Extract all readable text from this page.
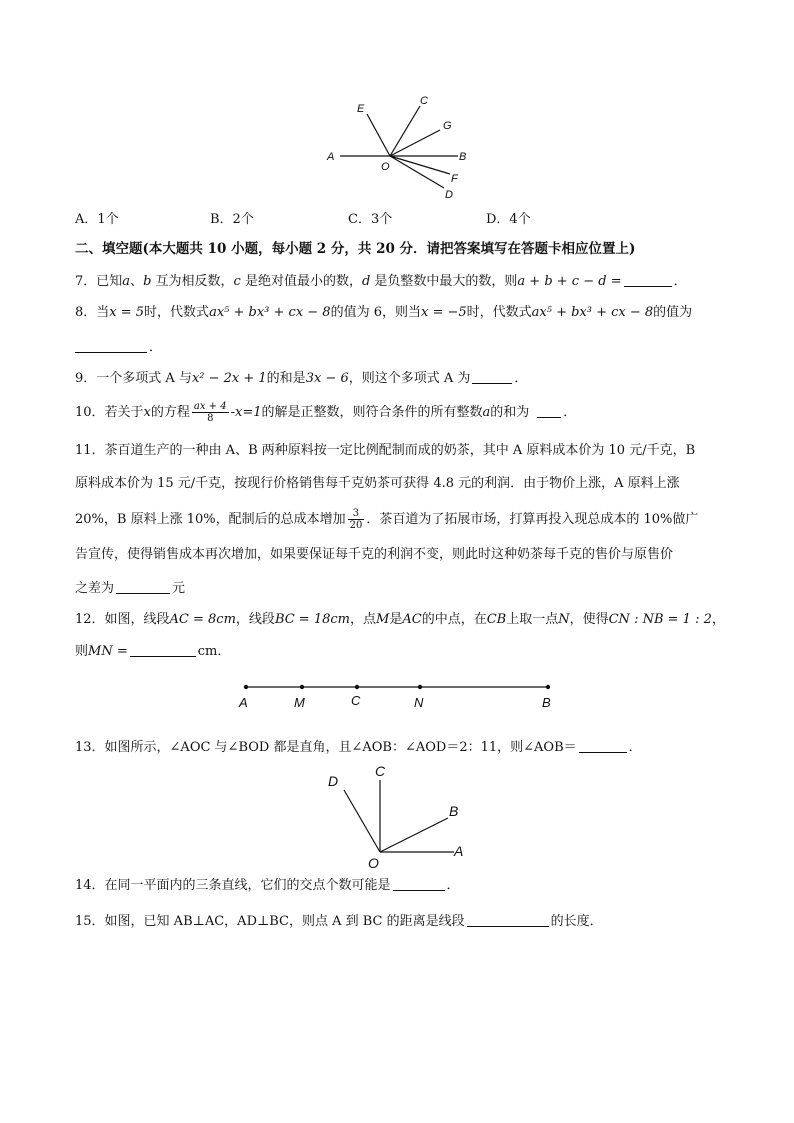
A
O
B
E
C
G
F
D
A．1个	B．2个	C．3个	D．4个
二、填空题(本大题共 10 小题，每小题 2 分，共 20 分．请把答案填写在答题卡相应位置上)
7．已知a、b 互为相反数，c 是绝对值最小的数，d 是负整数中最大的数，则a + b + c − d =	．
8．当x = 5时，代数式ax⁵ + bx³ + cx − 8的值为 6，则当x = −5时，代数式ax⁵ + bx³ + cx − 8的值为
．
9．一个多项式 A 与x² − 2x + 1的和是3x − 6，则这个多项式 A 为	．
10．若关于x的方程 $\frac{ax + 4}{8} -x=1$的解是正整数，则符合条件的所有整数a的和为	．
11．茶百道生产的一种由 A、B 两种原料按一定比例配制而成的奶茶，其中 A 原料成本价为 10 元/千克，B
原料成本价为 15 元/千克，按现行价格销售每千克奶茶可获得 4.8 元的利润．由于物价上涨，A 原料上涨
20%，B 原料上涨 10%，配制后的总成本增加 $\frac{3}{20}$ ．茶百道为了拓展市场，打算再投入现总成本的 10%做广
告宣传，使得销售成本再次增加，如果要保证每千克的利润不变，则此时这种奶茶每千克的售价与原售价
之差为	元
12．如图，线段AC = 8cm，线段BC = 18cm，点M是AC的中点，在CB上取一点N，使得CN : NB = 1 : 2，
则MN =	cm．
A	M	C	N	B
13．如图所示，∠AOC 与∠BOD 都是直角，且∠AOB：∠AOD＝2：11，则∠AOB＝	．
D
C
B
A
O
14．在同一平面内的三条直线，它们的交点个数可能是	．
15．如图，已知 AB⊥AC，AD⊥BC，则点 A 到 BC 的距离是线段	的长度．
